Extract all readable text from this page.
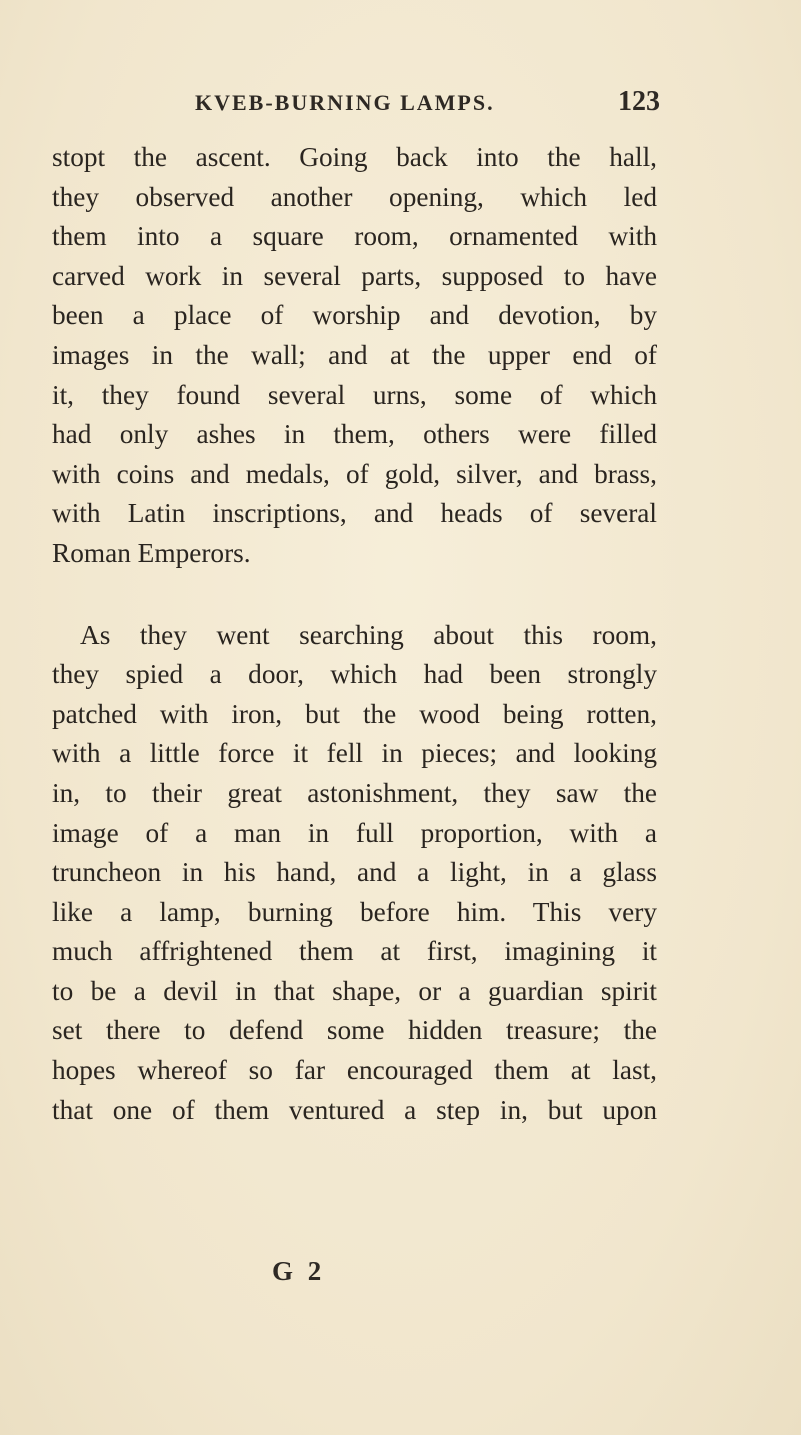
KVEB-BURNING LAMPS.	123
stopt the ascent. Going back into the hall,
they observed another opening, which led
them into a square room, ornamented with
carved work in several parts, supposed to have
been a place of worship and devotion, by
images in the wall; and at the upper end of
it, they found several urns, some of which
had only ashes in them, others were filled
with coins and medals, of gold, silver, and brass,
with Latin inscriptions, and heads of several
Roman Emperors.
As they went searching about this room,
they spied a door, which had been strongly
patched with iron, but the wood being rotten,
with a little force it fell in pieces; and looking
in, to their great astonishment, they saw the
image of a man in full proportion, with a
truncheon in his hand, and a light, in a glass
like a lamp, burning before him. This very
much affrightened them at first, imagining it
to be a devil in that shape, or a guardian spirit
set there to defend some hidden treasure; the
hopes whereof so far encouraged them at last,
that one of them ventured a step in, but upon
G 2
